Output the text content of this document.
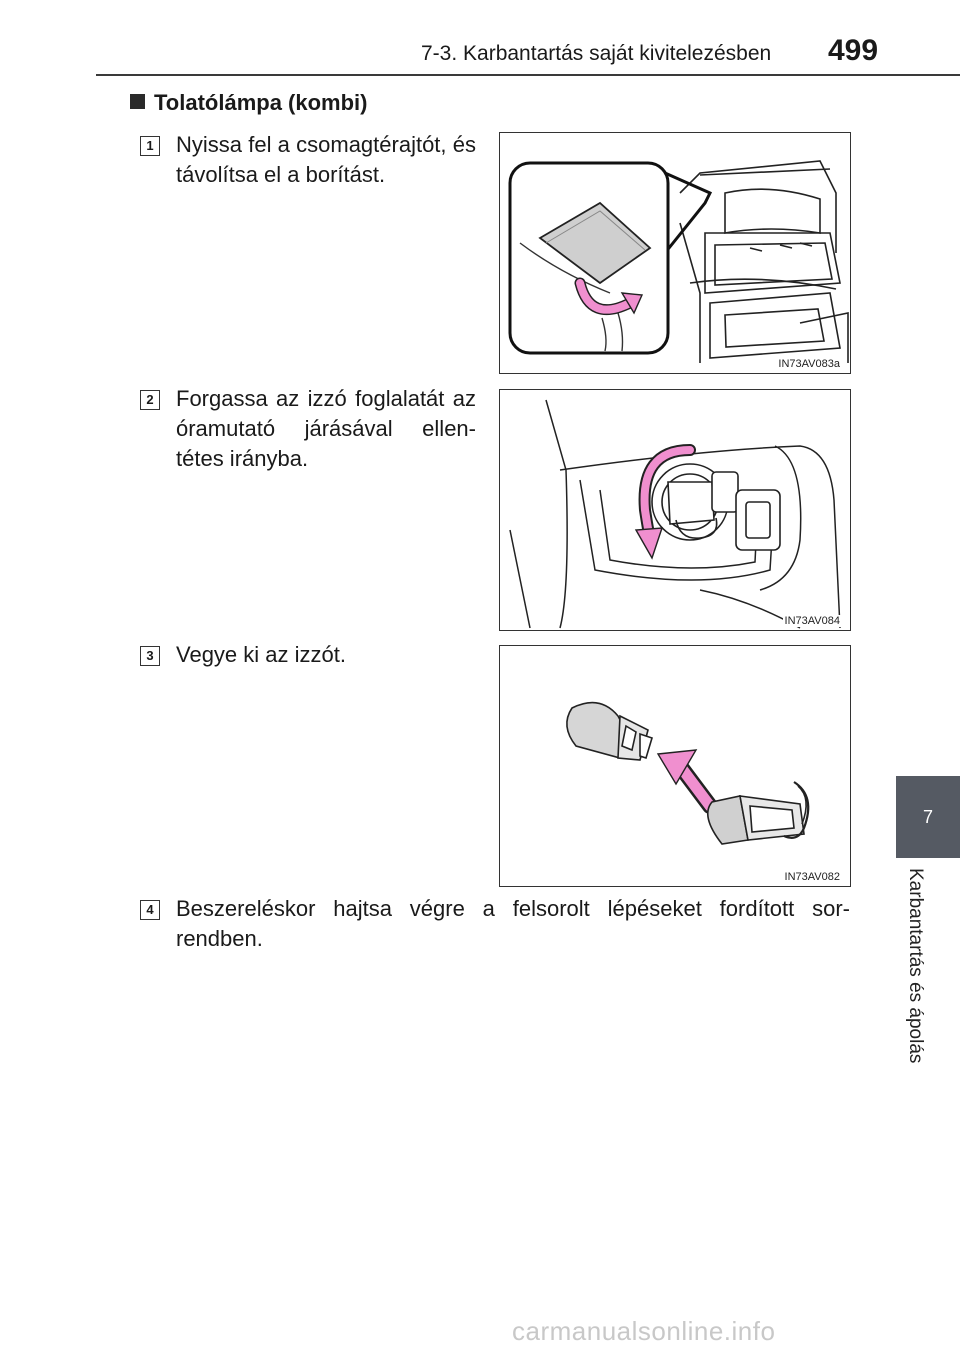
7-3. Karbantartás saját kivitelezésben 499
Tolatólámpa (kombi)
1 Nyissa fel a csomagtérajtót, és távolítsa el a borítást.
IN73AV083a
2 Forgassa az izzó foglalatát az óramutató járásával ellen-tétes irányba.
IN73AV084
3 Vegye ki az izzót.
IN73AV082
4 Beszereléskor hajtsa végre a felsorolt lépéseket fordított sor-rendben.
7
Karbantartás és ápolás
carmanualsonline.info
